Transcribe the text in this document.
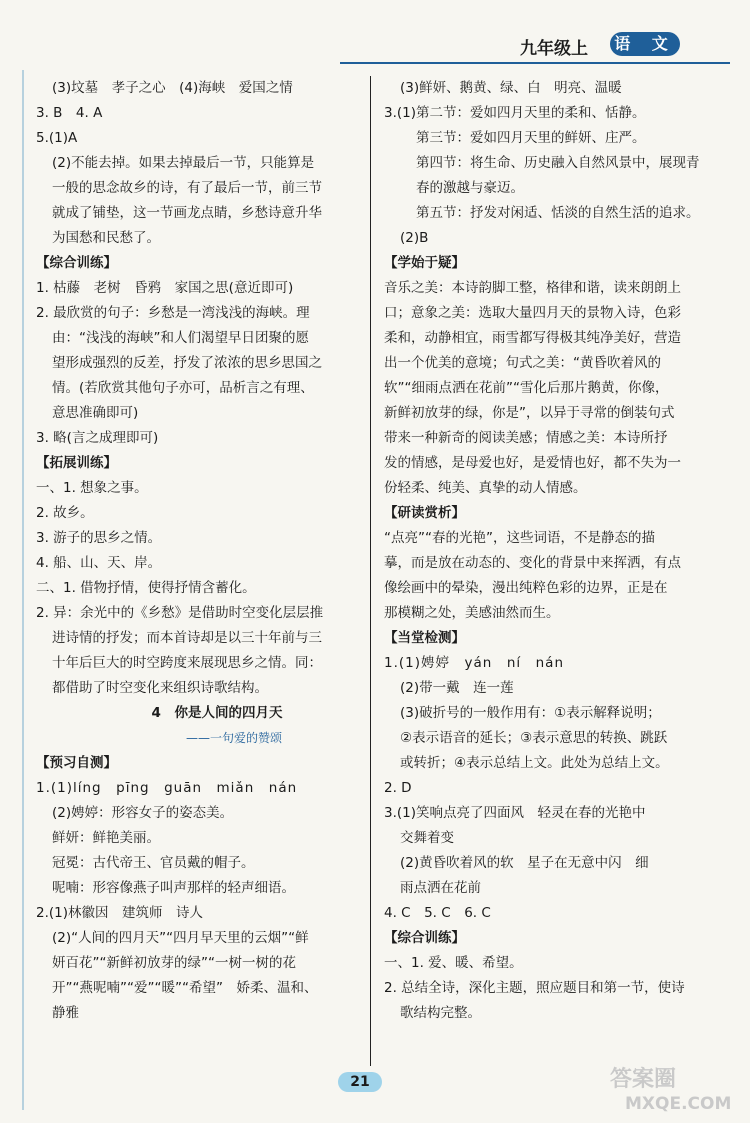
九年级上 语 文
(3)坟墓　孝子之心　(4)海峡　爱国之情
3. B　4. A
5.(1)A
(2)不能去掉。如果去掉最后一节，只能算是
一般的思念故乡的诗，有了最后一节，前三节
就成了铺垫，这一节画龙点睛，乡愁诗意升华
为国愁和民愁了。
【综合训练】
1. 枯藤　老树　昏鸦　家国之思(意近即可)
2. 最欣赏的句子：乡愁是一湾浅浅的海峡。理
由：“浅浅的海峡”和人们渴望早日团聚的愿
望形成强烈的反差，抒发了浓浓的思乡思国之
情。(若欣赏其他句子亦可，品析言之有理、
意思准确即可)
3. 略(言之成理即可)
【拓展训练】
一、1. 想象之事。
2. 故乡。
3. 游子的思乡之情。
4. 船、山、天、岸。
二、1. 借物抒情，使得抒情含蓄化。
2. 异：余光中的《乡愁》是借助时空变化层层推
进诗情的抒发；而本首诗却是以三十年前与三
十年后巨大的时空跨度来展现思乡之情。同：
都借助了时空变化来组织诗歌结构。
4　你是人间的四月天
——一句爱的赞颂
【预习自测】
1.(1)líng　pīng　guān　miǎn　nán
(2)娉婷：形容女子的姿态美。
鲜妍：鲜艳美丽。
冠冕：古代帝王、官员戴的帽子。
呢喃：形容像燕子叫声那样的轻声细语。
2.(1)林徽因　建筑师　诗人
(2)“人间的四月天”“四月早天里的云烟”“鲜
妍百花”“新鲜初放芽的绿”“一树一树的花
开”“燕呢喃”“爱”“暖”“希望”　娇柔、温和、
静雅
(3)鲜妍、鹅黄、绿、白　明亮、温暖
3.(1)第二节：爱如四月天里的柔和、恬静。
第三节：爱如四月天里的鲜妍、庄严。
第四节：将生命、历史融入自然风景中，展现青
春的激越与豪迈。
第五节：抒发对闲适、恬淡的自然生活的追求。
(2)B
【学始于疑】
音乐之美：本诗韵脚工整，格律和谐，读来朗朗上
口；意象之美：选取大量四月天的景物入诗，色彩
柔和，动静相宜，雨雪都写得极其纯净美好，营造
出一个优美的意境；句式之美：“黄昏吹着风的
软”“细雨点洒在花前”“雪化后那片鹅黄，你像，
新鲜初放芽的绿，你是”，以异于寻常的倒装句式
带来一种新奇的阅读美感；情感之美：本诗所抒
发的情感，是母爱也好，是爱情也好，都不失为一
份轻柔、纯美、真挚的动人情感。
【研读赏析】
“点亮”“春的光艳”，这些词语，不是静态的描
摹，而是放在动态的、变化的背景中来挥洒，有点
像绘画中的晕染，漫出纯粹色彩的边界，正是在
那模糊之处，美感油然而生。
【当堂检测】
1.(1)娉婷　yán　ní　nán
(2)带一戴　连一莲
(3)破折号的一般作用有：①表示解释说明；
②表示语音的延长；③表示意思的转换、跳跃
或转折；④表示总结上文。此处为总结上文。
2. D
3.(1)笑响点亮了四面风　轻灵在春的光艳中
交舞着变
(2)黄昏吹着风的软　星子在无意中闪　细
雨点洒在花前
4. C　5. C　6. C
【综合训练】
一、1. 爱、暖、希望。
2. 总结全诗，深化主题，照应题目和第一节，使诗
歌结构完整。
21	答案圈
MXQE.COM
